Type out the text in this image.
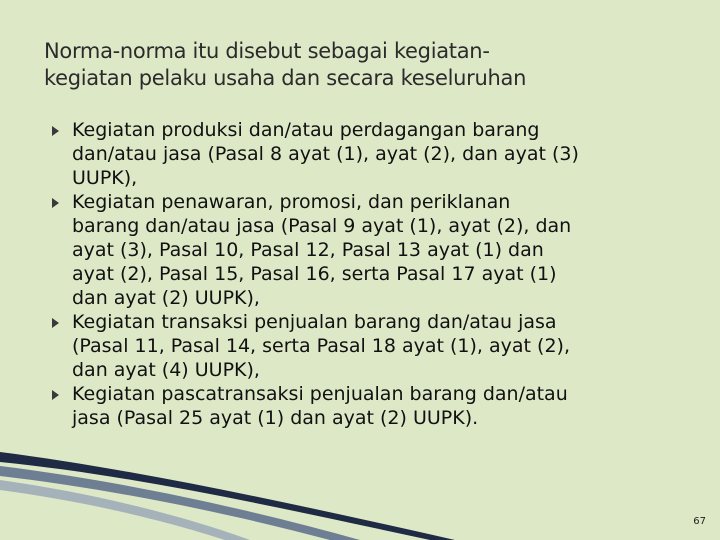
Norma-norma itu disebut sebagai kegiatan-
kegiatan pelaku usaha dan secara keseluruhan
Kegiatan produksi dan/atau perdagangan barang
dan/atau jasa (Pasal 8 ayat (1), ayat (2), dan ayat (3)
UUPK),
Kegiatan penawaran, promosi, dan periklanan
barang dan/atau jasa (Pasal 9 ayat (1), ayat (2), dan
ayat (3), Pasal 10, Pasal 12, Pasal 13 ayat (1) dan
ayat (2), Pasal 15, Pasal 16, serta Pasal 17 ayat (1)
dan ayat (2) UUPK),
Kegiatan transaksi penjualan barang dan/atau jasa
(Pasal 11, Pasal 14, serta Pasal 18 ayat (1), ayat (2),
dan ayat (4) UUPK),
Kegiatan pascatransaksi penjualan barang dan/atau
jasa (Pasal 25 ayat (1) dan ayat (2) UUPK).
67
